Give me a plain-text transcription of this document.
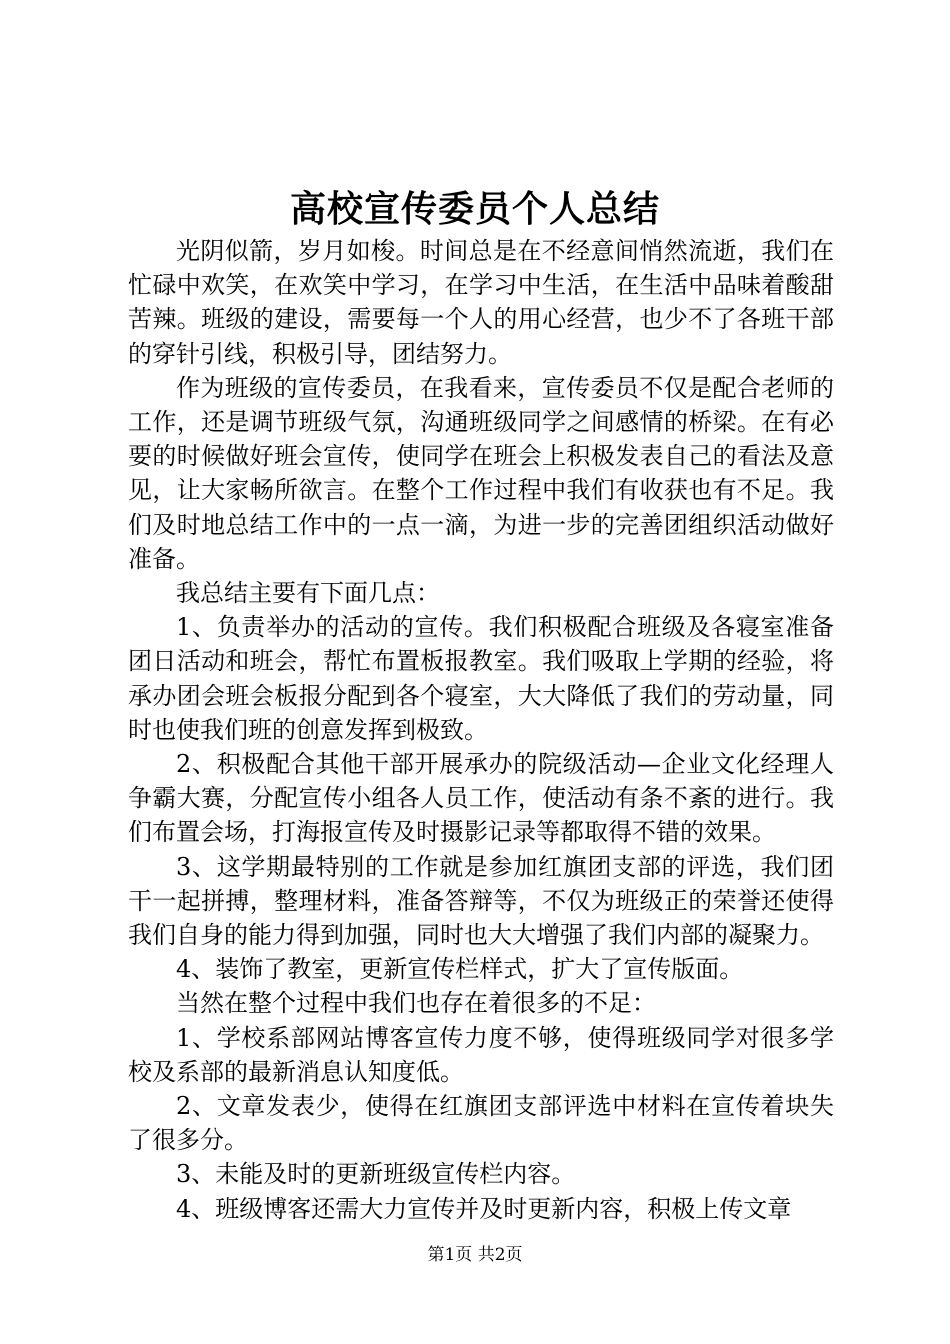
高校宣传委员个人总结

光阴似箭，岁月如梭。时间总是在不经意间悄然流逝，我们在忙碌中欢笑，在欢笑中学习，在学习中生活，在生活中品味着酸甜苦辣。班级的建设，需要每一个人的用心经营，也少不了各班干部的穿针引线，积极引导，团结努力。

作为班级的宣传委员，在我看来，宣传委员不仅是配合老师的工作，还是调节班级气氛，沟通班级同学之间感情的桥梁。在有必要的时候做好班会宣传，使同学在班会上积极发表自己的看法及意见，让大家畅所欲言。在整个工作过程中我们有收获也有不足。我们及时地总结工作中的一点一滴，为进一步的完善团组织活动做好准备。

我总结主要有下面几点：

1、负责举办的活动的宣传。我们积极配合班级及各寝室准备团日活动和班会，帮忙布置板报教室。我们吸取上学期的经验，将承办团会班会板报分配到各个寝室，大大降低了我们的劳动量，同时也使我们班的创意发挥到极致。

2、积极配合其他干部开展承办的院级活动—企业文化经理人争霸大赛，分配宣传小组各人员工作，使活动有条不紊的进行。我们布置会场，打海报宣传及时摄影记录等都取得不错的效果。

3、这学期最特别的工作就是参加红旗团支部的评选，我们团干一起拼搏，整理材料，准备答辩等，不仅为班级正的荣誉还使得我们自身的能力得到加强，同时也大大增强了我们内部的凝聚力。

4、装饰了教室，更新宣传栏样式，扩大了宣传版面。

当然在整个过程中我们也存在着很多的不足：

1、学校系部网站博客宣传力度不够，使得班级同学对很多学校及系部的最新消息认知度低。

2、文章发表少，使得在红旗团支部评选中材料在宣传着块失了很多分。

3、未能及时的更新班级宣传栏内容。

4、班级博客还需大力宣传并及时更新内容，积极上传文章

第1页 共2页
